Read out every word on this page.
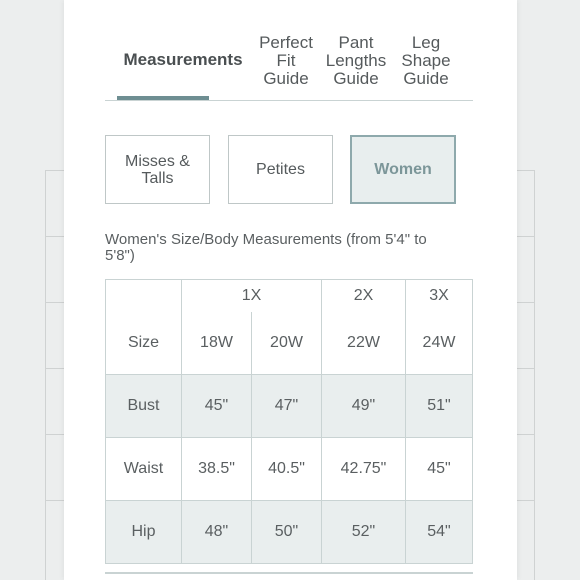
Measurements
Perfect
Fit
Guide
Pant
Lengths
Guide
Leg
Shape
Guide
Misses &
Talls	Petites	Women
Women's Size/Body Measurements (from 5'4" to 5'8")
	1X		2X	3X
Size	18W	20W	22W	24W
Bust	45"	47"	49"	51"
Waist	38.5"	40.5"	42.75"	45"
Hip	48"	50"	52"	54"
